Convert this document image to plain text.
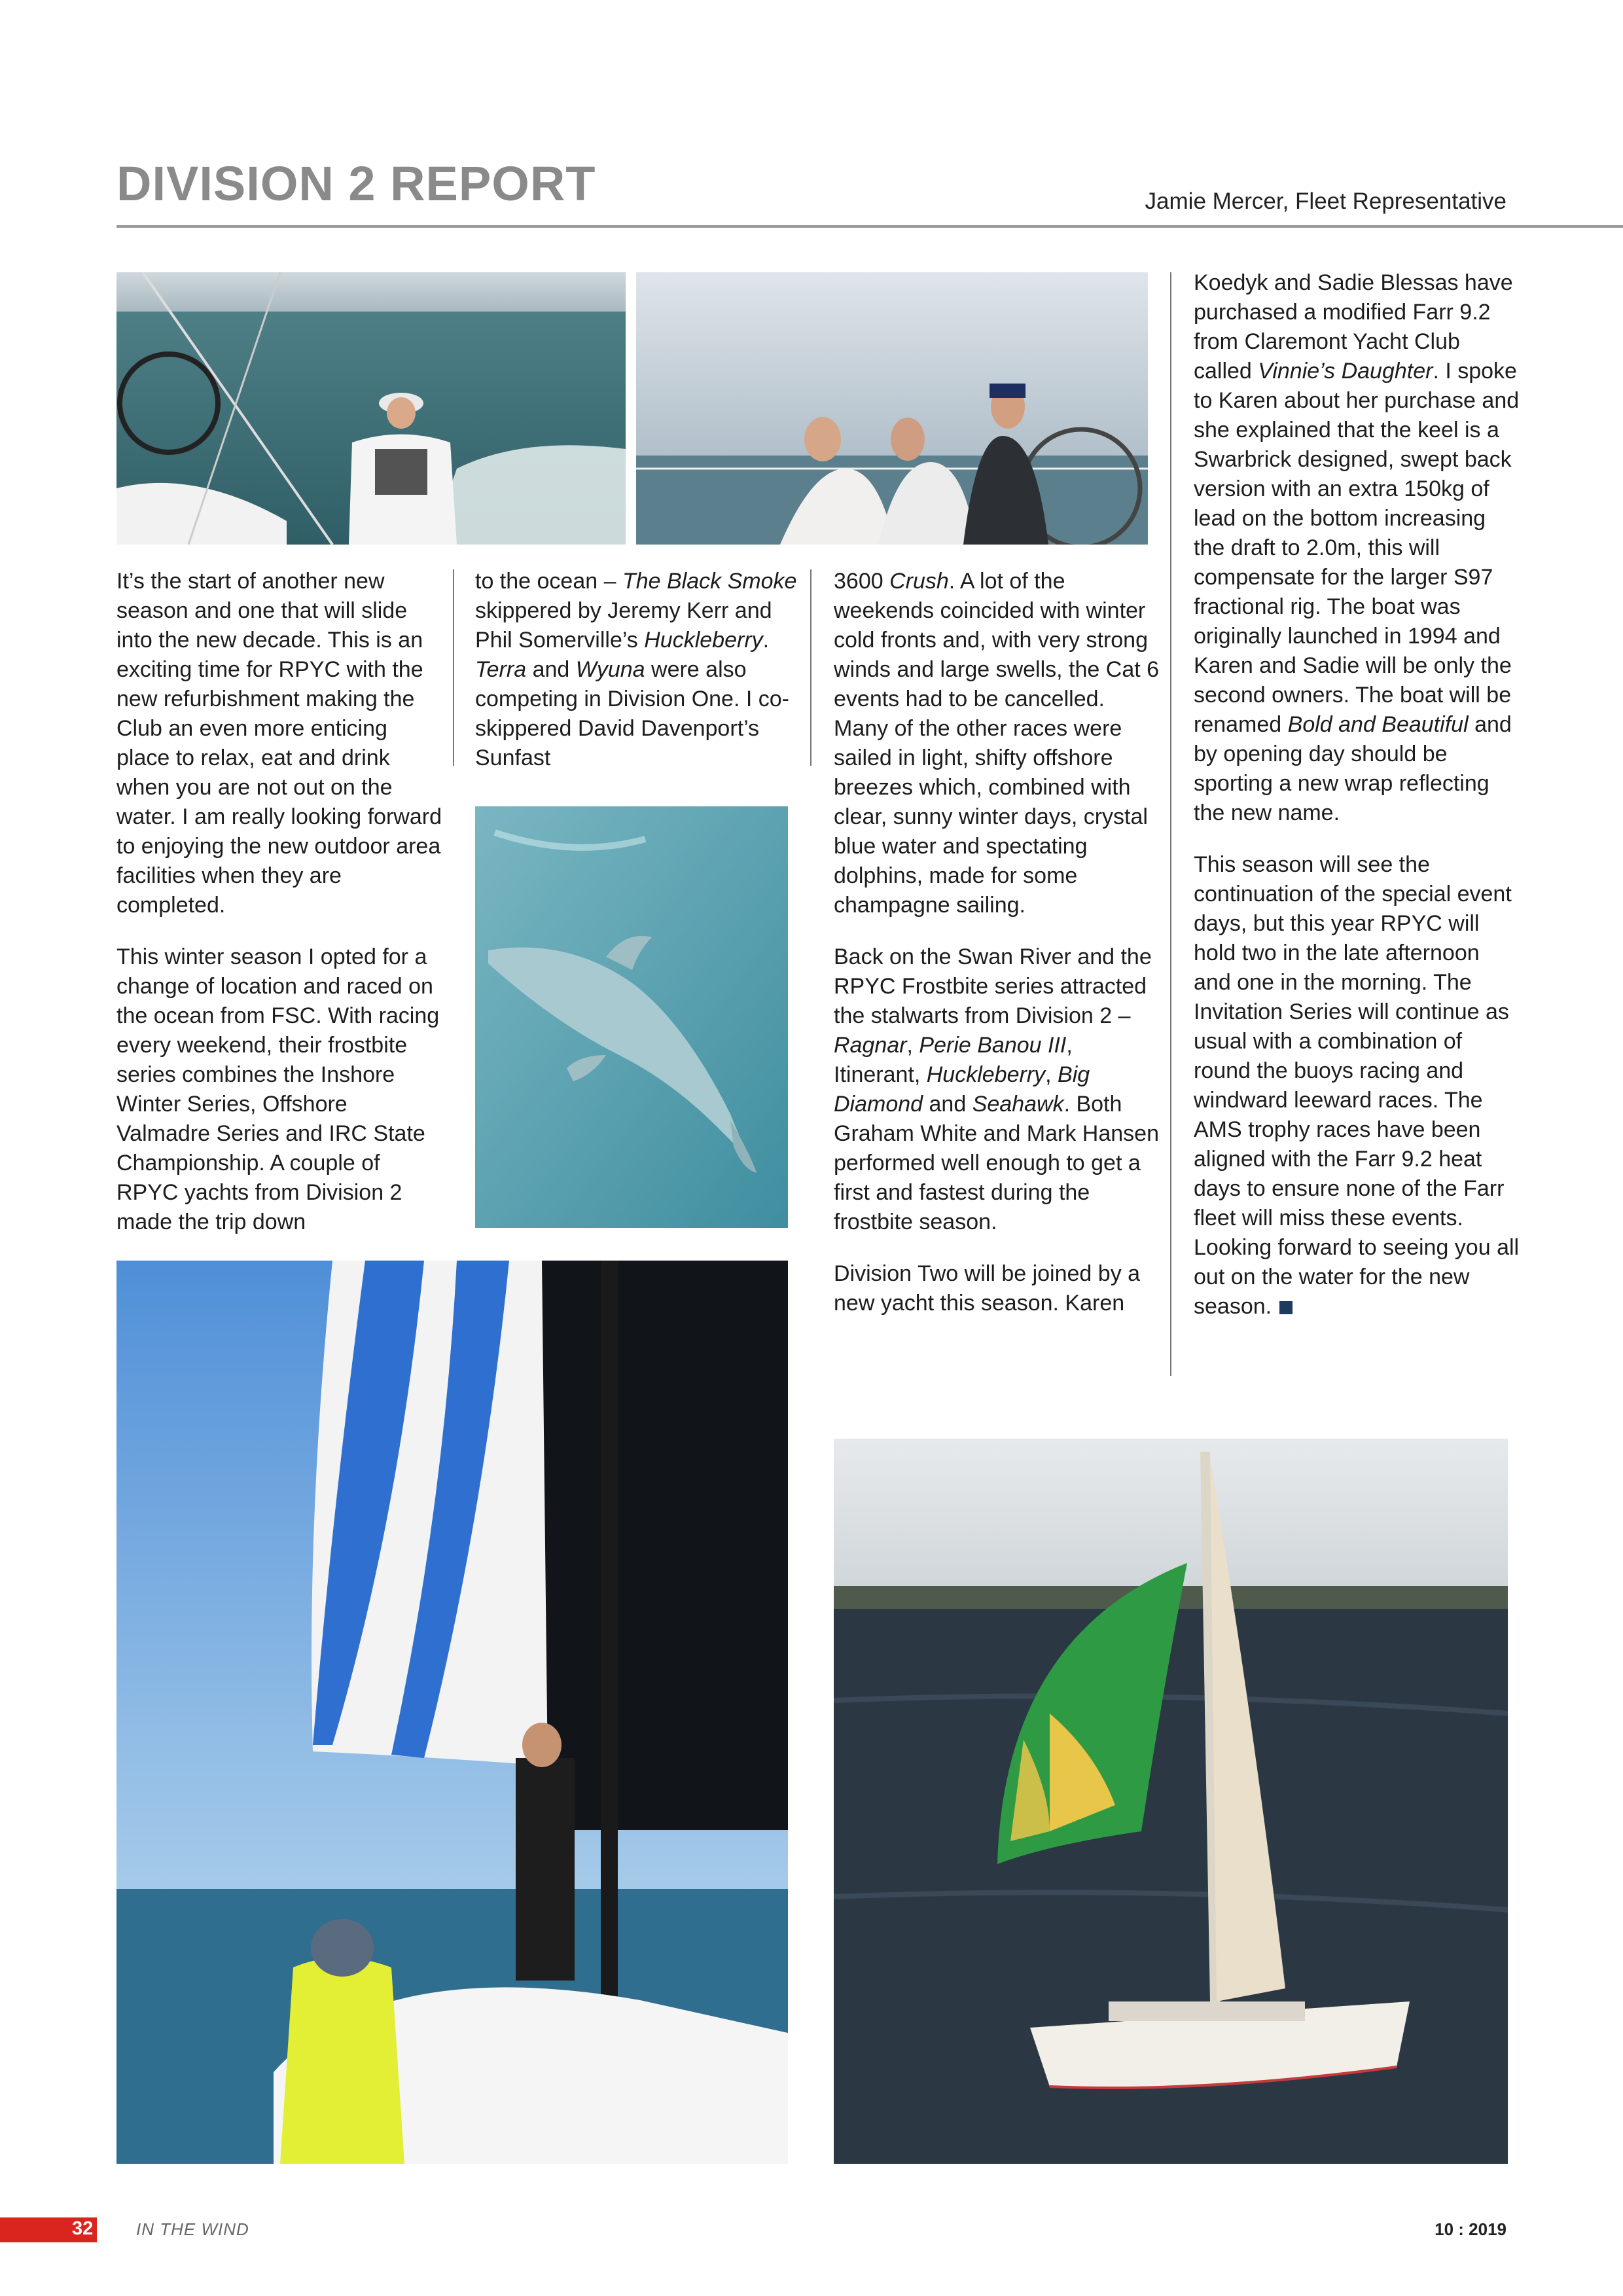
DIVISION 2 REPORT	Jamie Mercer, Fleet Representative

It’s the start of another new season and one that will slide into the new decade. This is an exciting time for RPYC with the new refurbishment making the Club an even more enticing place to relax, eat and drink when you are not out on the water. I am really looking forward to enjoying the new outdoor area facilities when they are completed.

This winter season I opted for a change of location and raced on the ocean from FSC. With racing every weekend, their frostbite series combines the Inshore Winter Series, Offshore Valmadre Series and IRC State Championship. A couple of RPYC yachts from Division 2 made the trip down

to the ocean – The Black Smoke skippered by Jeremy Kerr and Phil Somerville’s Huckleberry. Terra and Wyuna were also competing in Division One. I co-skippered David Davenport’s Sunfast

3600 Crush. A lot of the weekends coincided with winter cold fronts and, with very strong winds and large swells, the Cat 6 events had to be cancelled. Many of the other races were sailed in light, shifty offshore breezes which, combined with clear, sunny winter days, crystal blue water and spectating dolphins, made for some champagne sailing.

Back on the Swan River and the RPYC Frostbite series attracted the stalwarts from Division 2 – Ragnar, Perie Banou III, Itinerant, Huckleberry, Big Diamond and Seahawk. Both Graham White and Mark Hansen performed well enough to get a first and fastest during the frostbite season.

Division Two will be joined by a new yacht this season. Karen

Koedyk and Sadie Blessas have purchased a modified Farr 9.2 from Claremont Yacht Club called Vinnie’s Daughter. I spoke to Karen about her purchase and she explained that the keel is a Swarbrick designed, swept back version with an extra 150kg of lead on the bottom increasing the draft to 2.0m, this will compensate for the larger S97 fractional rig. The boat was originally launched in 1994 and Karen and Sadie will be only the second owners. The boat will be renamed Bold and Beautiful and by opening day should be sporting a new wrap reflecting the new name.

This season will see the continuation of the special event days, but this year RPYC will hold two in the late afternoon and one in the morning. The Invitation Series will continue as usual with a combination of round the buoys racing and windward leeward races. The AMS trophy races have been aligned with the Farr 9.2 heat days to ensure none of the Farr fleet will miss these events. Looking forward to seeing you all out on the water for the new season.

32	IN THE WIND	10 : 2019
